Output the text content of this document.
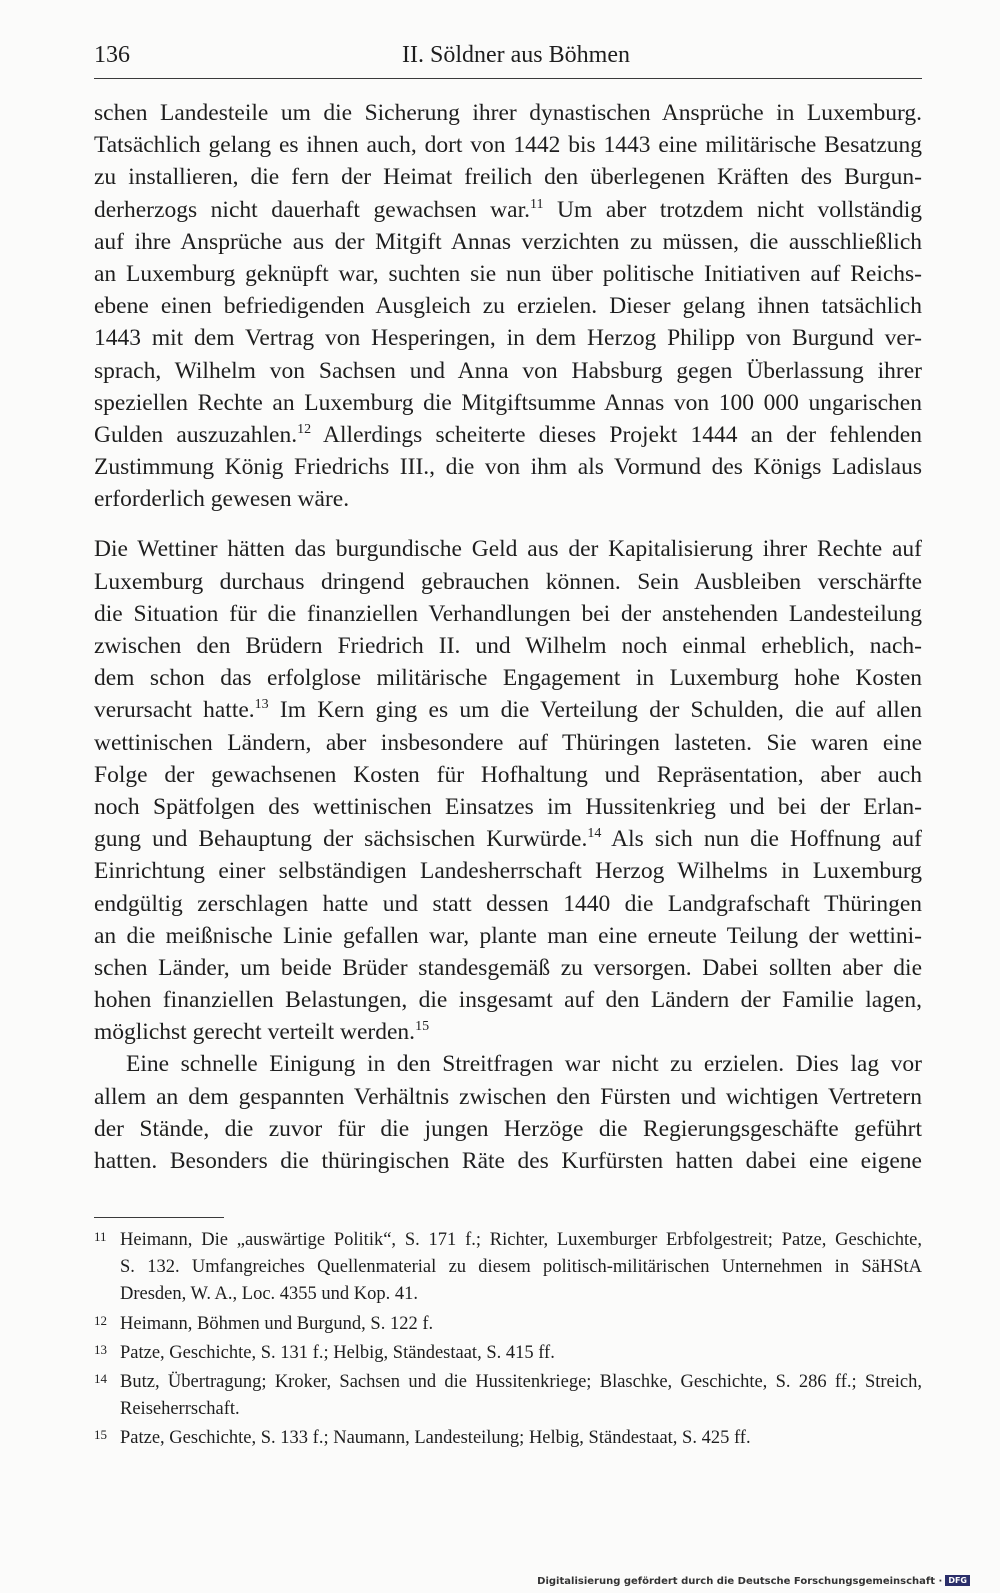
136	II. Söldner aus Böhmen
schen Landesteile um die Sicherung ihrer dynastischen Ansprüche in Luxemburg.
Tatsächlich gelang es ihnen auch, dort von 1442 bis 1443 eine militärische Besatzung
zu installieren, die fern der Heimat freilich den überlegenen Kräften des Burgun-
derherzogs nicht dauerhaft gewachsen war.$^{11}$ Um aber trotzdem nicht vollständig
auf ihre Ansprüche aus der Mitgift Annas verzichten zu müssen, die ausschließlich
an Luxemburg geknüpft war, suchten sie nun über politische Initiativen auf Reichs-
ebene einen befriedigenden Ausgleich zu erzielen. Dieser gelang ihnen tatsächlich
1443 mit dem Vertrag von Hesperingen, in dem Herzog Philipp von Burgund ver-
sprach, Wilhelm von Sachsen und Anna von Habsburg gegen Überlassung ihrer
speziellen Rechte an Luxemburg die Mitgiftsumme Annas von 100 000 ungarischen
Gulden auszuzahlen.$^{12}$ Allerdings scheiterte dieses Projekt 1444 an der fehlenden
Zustimmung König Friedrichs III., die von ihm als Vormund des Königs Ladislaus
erforderlich gewesen wäre.
Die Wettiner hätten das burgundische Geld aus der Kapitalisierung ihrer Rechte auf
Luxemburg durchaus dringend gebrauchen können. Sein Ausbleiben verschärfte
die Situation für die finanziellen Verhandlungen bei der anstehenden Landesteilung
zwischen den Brüdern Friedrich II. und Wilhelm noch einmal erheblich, nach-
dem schon das erfolglose militärische Engagement in Luxemburg hohe Kosten
verursacht hatte.$^{13}$ Im Kern ging es um die Verteilung der Schulden, die auf allen
wettinischen Ländern, aber insbesondere auf Thüringen lasteten. Sie waren eine
Folge der gewachsenen Kosten für Hofhaltung und Repräsentation, aber auch
noch Spätfolgen des wettinischen Einsatzes im Hussitenkrieg und bei der Erlan-
gung und Behauptung der sächsischen Kurwürde.$^{14}$ Als sich nun die Hoffnung auf
Einrichtung einer selbständigen Landesherrschaft Herzog Wilhelms in Luxemburg
endgültig zerschlagen hatte und statt dessen 1440 die Landgrafschaft Thüringen
an die meißnische Linie gefallen war, plante man eine erneute Teilung der wettini-
schen Länder, um beide Brüder standesgemäß zu versorgen. Dabei sollten aber die
hohen finanziellen Belastungen, die insgesamt auf den Ländern der Familie lagen,
möglichst gerecht verteilt werden.$^{15}$
Eine schnelle Einigung in den Streitfragen war nicht zu erzielen. Dies lag vor
allem an dem gespannten Verhältnis zwischen den Fürsten und wichtigen Vertretern
der Stände, die zuvor für die jungen Herzöge die Regierungsgeschäfte geführt
hatten. Besonders die thüringischen Räte des Kurfürsten hatten dabei eine eigene
11 Heimann, Die „auswärtige Politik“, S. 171 f.; Richter, Luxemburger Erbfolgestreit; Patze, Geschichte,
S. 132. Umfangreiches Quellenmaterial zu diesem politisch-militärischen Unternehmen in SäHStA
Dresden, W. A., Loc. 4355 und Kop. 41.
12 Heimann, Böhmen und Burgund, S. 122 f.
13 Patze, Geschichte, S. 131 f.; Helbig, Ständestaat, S. 415 ff.
14 Butz, Übertragung; Kroker, Sachsen und die Hussitenkriege; Blaschke, Geschichte, S. 286 ff.; Streich,
Reiseherrschaft.
15 Patze, Geschichte, S. 133 f.; Naumann, Landesteilung; Helbig, Ständestaat, S. 425 ff.
Digitalisierung gefördert durch die Deutsche Forschungsgemeinschaft · DFG
